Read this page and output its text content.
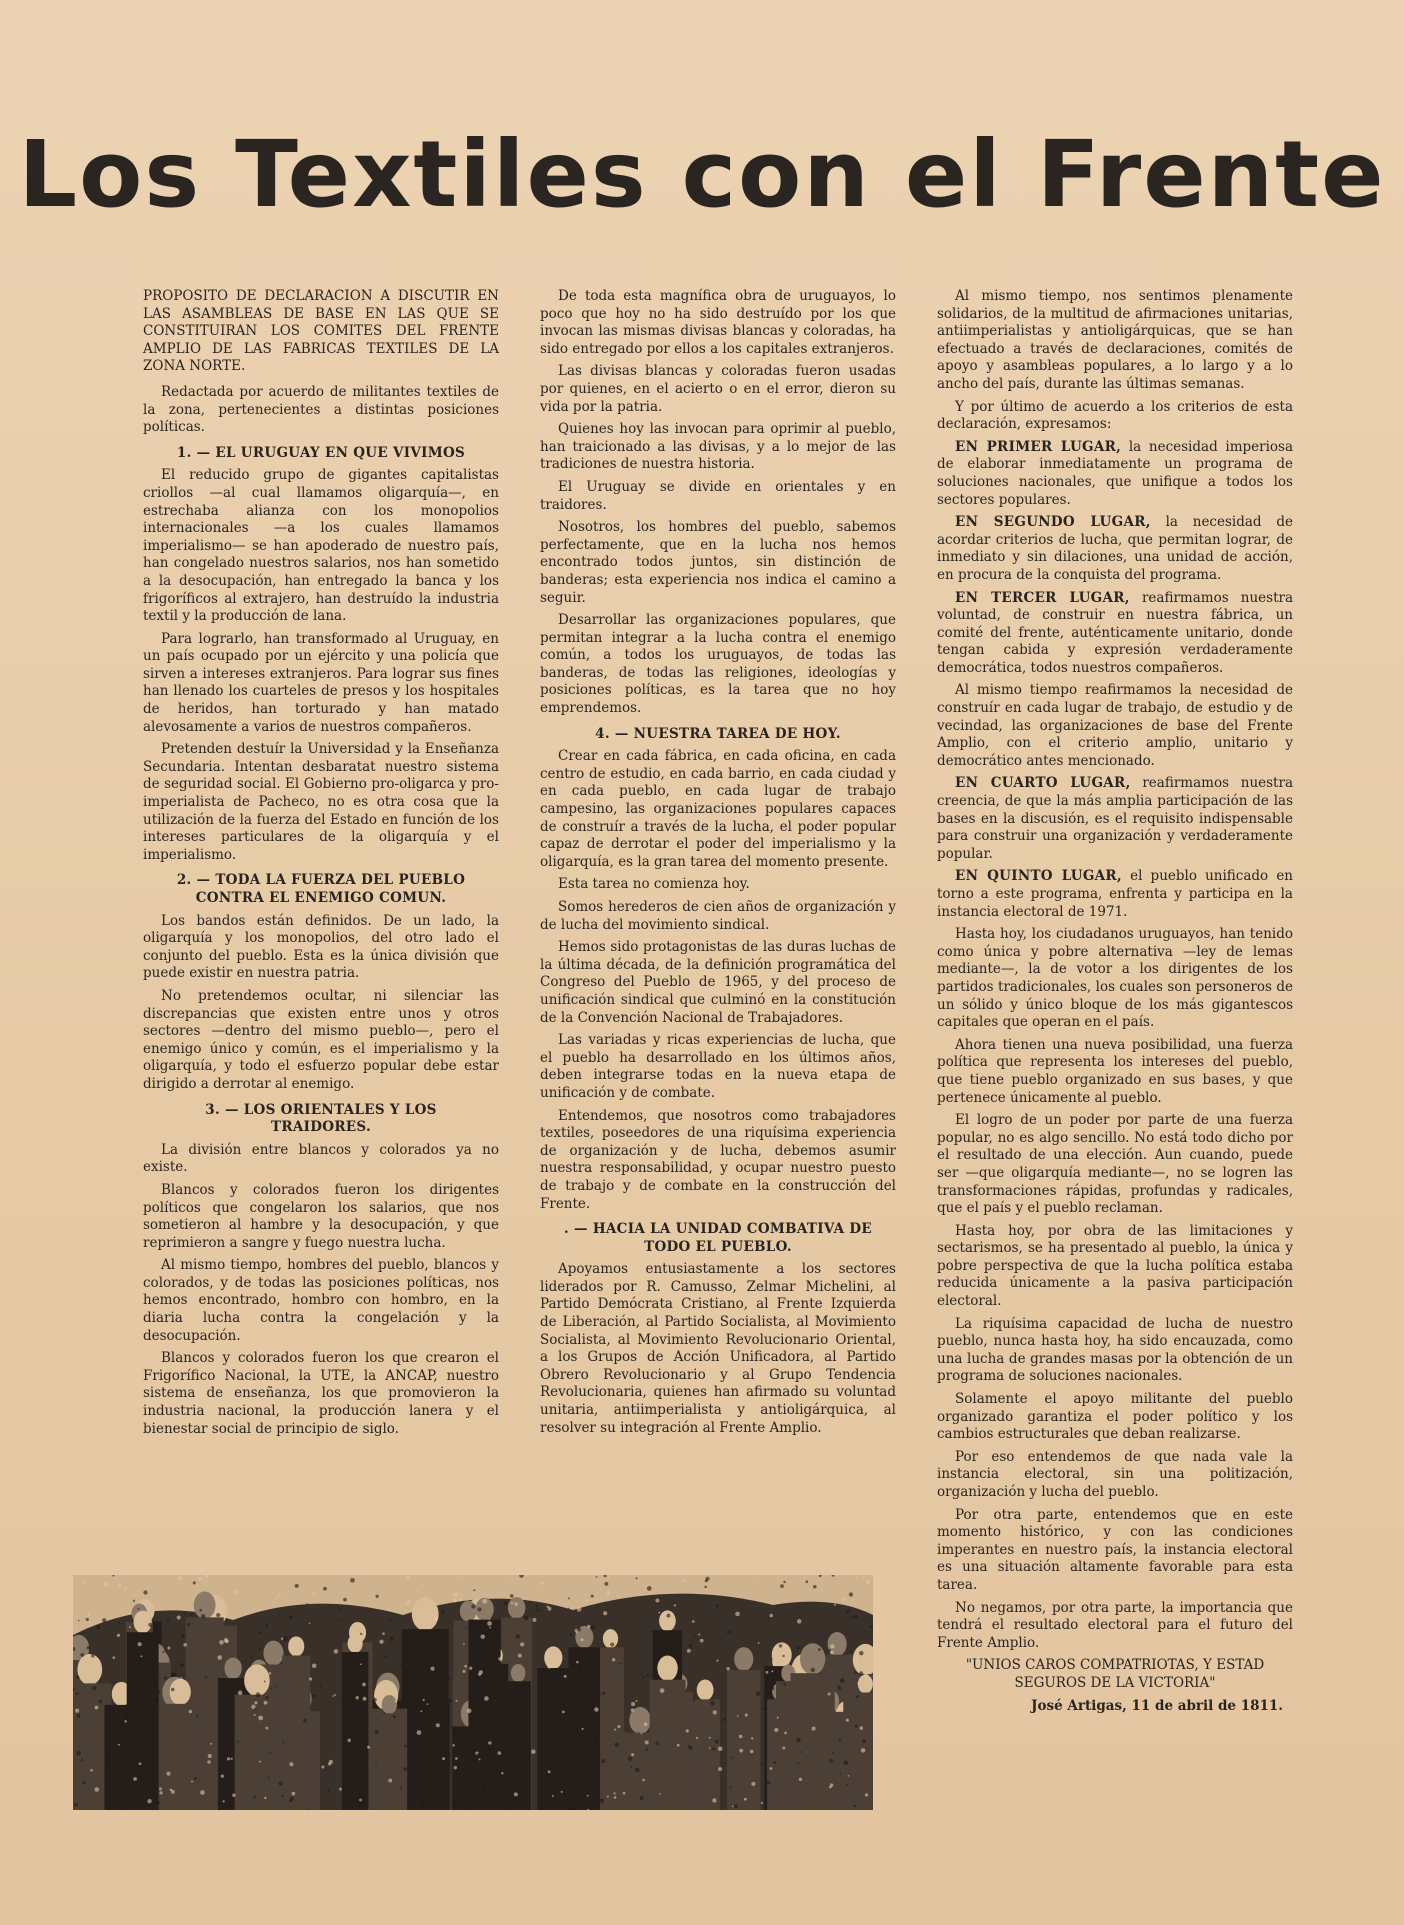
Los Textiles con el Frente

PROPOSITO DE DECLARACION A DISCUTIR EN LAS ASAMBLEAS DE BASE EN LAS QUE SE CONSTITUIRAN LOS COMITES DEL FRENTE AMPLIO DE LAS FABRICAS TEXTILES DE LA ZONA NORTE.

Redactada por acuerdo de militantes textiles de la zona, pertenecientes a distintas posiciones políticas.

1. — EL URUGUAY EN QUE VIVIMOS

El reducido grupo de gigantes capitalistas criollos —al cual llamamos oligarquía—, en estrechaba alianza con los monopolios internacionales —a los cuales llamamos imperialismo— se han apoderado de nuestro país, han congelado nuestros salarios, nos han sometido a la desocupación, han entregado la banca y los frigoríficos al extrajero, han destruído la industria textil y la producción de lana.

Para lograrlo, han transformado al Uruguay, en un país ocupado por un ejército y una policía que sirven a intereses extranjeros. Para lograr sus fines han llenado los cuarteles de presos y los hospitales de heridos, han torturado y han matado alevosamente a varios de nuestros compañeros.

Pretenden destuír la Universidad y la Enseñanza Secundaria. Intentan desbaratat nuestro sistema de seguridad social. El Gobierno pro-oligarca y pro-imperialista de Pacheco, no es otra cosa que la utilización de la fuerza del Estado en función de los intereses particulares de la oligarquía y el imperialismo.

2. — TODA LA FUERZA DEL PUEBLO CONTRA EL ENEMIGO COMUN.

Los bandos están definidos. De un lado, la oligarquía y los monopolios, del otro lado el conjunto del pueblo. Esta es la única división que puede existir en nuestra patria.

No pretendemos ocultar, ni silenciar las discrepancias que existen entre unos y otros sectores —dentro del mismo pueblo—, pero el enemigo único y común, es el imperialismo y la oligarquía, y todo el esfuerzo popular debe estar dirigido a derrotar al enemigo.

3. — LOS ORIENTALES Y LOS TRAIDORES.

La división entre blancos y colorados ya no existe.

Blancos y colorados fueron los dirigentes políticos que congelaron los salarios, que nos sometieron al hambre y la desocupación, y que reprimieron a sangre y fuego nuestra lucha.

Al mismo tiempo, hombres del pueblo, blancos y colorados, y de todas las posiciones políticas, nos hemos encontrado, hombro con hombro, en la diaria lucha contra la congelación y la desocupación.

Blancos y colorados fueron los que crearon el Frigorífico Nacional, la UTE, la ANCAP, nuestro sistema de enseñanza, los que promovieron la industria nacional, la producción lanera y el bienestar social de principio de siglo.

De toda esta magnífica obra de uruguayos, lo poco que hoy no ha sido destruído por los que invocan las mismas divisas blancas y coloradas, ha sido entregado por ellos a los capitales extranjeros.

Las divisas blancas y coloradas fueron usadas por quienes, en el acierto o en el error, dieron su vida por la patria.

Quienes hoy las invocan para oprimir al pueblo, han traicionado a las divisas, y a lo mejor de las tradiciones de nuestra historia.

El Uruguay se divide en orientales y en traidores.

Nosotros, los hombres del pueblo, sabemos perfectamente, que en la lucha nos hemos encontrado todos juntos, sin distinción de banderas; esta experiencia nos indica el camino a seguir.

Desarrollar las organizaciones populares, que permitan integrar a la lucha contra el enemigo común, a todos los uruguayos, de todas las banderas, de todas las religiones, ideologías y posiciones políticas, es la tarea que no hoy emprendemos.

4. — NUESTRA TAREA DE HOY.

Crear en cada fábrica, en cada oficina, en cada centro de estudio, en cada barrio, en cada ciudad y en cada pueblo, en cada lugar de trabajo campesino, las organizaciones populares capaces de construír a través de la lucha, el poder popular capaz de derrotar el poder del imperialismo y la oligarquía, es la gran tarea del momento presente.

Esta tarea no comienza hoy.

Somos herederos de cien años de organización y de lucha del movimiento sindical.

Hemos sido protagonistas de las duras luchas de la última década, de la definición programática del Congreso del Pueblo de 1965, y del proceso de unificación sindical que culminó en la constitución de la Convención Nacional de Trabajadores.

Las variadas y ricas experiencias de lucha, que el pueblo ha desarrollado en los últimos años, deben integrarse todas en la nueva etapa de unificación y de combate.

Entendemos, que nosotros como trabajadores textiles, poseedores de una riquísima experiencia de organización y de lucha, debemos asumir nuestra responsabilidad, y ocupar nuestro puesto de trabajo y de combate en la construcción del Frente.

. — HACIA LA UNIDAD COMBATIVA DE TODO EL PUEBLO.

Apoyamos entusiastamente a los sectores liderados por R. Camusso, Zelmar Michelini, al Partido Demócrata Cristiano, al Frente Izquierda de Liberación, al Partido Socialista, al Movimiento Socialista, al Movimiento Revolucionario Oriental, a los Grupos de Acción Unificadora, al Partido Obrero Revolucionario y al Grupo Tendencia Revolucionaria, quienes han afirmado su voluntad unitaria, antiimperialista y antioligárquica, al resolver su integración al Frente Amplio.

Al mismo tiempo, nos sentimos plenamente solidarios, de la multitud de afirmaciones unitarias, antiimperialistas y antioligárquicas, que se han efectuado a través de declaraciones, comités de apoyo y asambleas populares, a lo largo y a lo ancho del país, durante las últimas semanas.

Y por último de acuerdo a los criterios de esta declaración, expresamos:

EN PRIMER LUGAR, la necesidad imperiosa de elaborar inmediatamente un programa de soluciones nacionales, que unifique a todos los sectores populares.

EN SEGUNDO LUGAR, la necesidad de acordar criterios de lucha, que permitan lograr, de inmediato y sin dilaciones, una unidad de acción, en procura de la conquista del programa.

EN TERCER LUGAR, reafirmamos nuestra voluntad, de construir en nuestra fábrica, un comité del frente, auténticamente unitario, donde tengan cabida y expresión verdaderamente democrática, todos nuestros compañeros.

Al mismo tiempo reafirmamos la necesidad de construír en cada lugar de trabajo, de estudio y de vecindad, las organizaciones de base del Frente Amplio, con el criterio amplio, unitario y democrático antes mencionado.

EN CUARTO LUGAR, reafirmamos nuestra creencia, de que la más amplia participación de las bases en la discusión, es el requisito indispensable para construir una organización y verdaderamente popular.

EN QUINTO LUGAR, el pueblo unificado en torno a este programa, enfrenta y participa en la instancia electoral de 1971.

Hasta hoy, los ciudadanos uruguayos, han tenido como única y pobre alternativa —ley de lemas mediante—, la de votor a los dirigentes de los partidos tradicionales, los cuales son personeros de un sólido y único bloque de los más gigantescos capitales que operan en el país.

Ahora tienen una nueva posibilidad, una fuerza política que representa los intereses del pueblo, que tiene pueblo organizado en sus bases, y que pertenece únicamente al pueblo.

El logro de un poder por parte de una fuerza popular, no es algo sencillo. No está todo dicho por el resultado de una elección. Aun cuando, puede ser —que oligarquía mediante—, no se logren las transformaciones rápidas, profundas y radicales, que el país y el pueblo reclaman.

Hasta hoy, por obra de las limitaciones y sectarismos, se ha presentado al pueblo, la única y pobre perspectiva de que la lucha política estaba reducida únicamente a la pasiva participación electoral.

La riquísima capacidad de lucha de nuestro pueblo, nunca hasta hoy, ha sido encauzada, como una lucha de grandes masas por la obtención de un programa de soluciones nacionales.

Solamente el apoyo militante del pueblo organizado garantiza el poder político y los cambios estructurales que deban realizarse.

Por eso entendemos de que nada vale la instancia electoral, sin una politización, organización y lucha del pueblo.

Por otra parte, entendemos que en este momento histórico, y con las condiciones imperantes en nuestro país, la instancia electoral es una situación altamente favorable para esta tarea.

No negamos, por otra parte, la importancia que tendrá el resultado electoral para el futuro del Frente Amplio.

"UNIOS CAROS COMPATRIOTAS, Y ESTAD SEGUROS DE LA VICTORIA"

José Artigas, 11 de abril de 1811.
